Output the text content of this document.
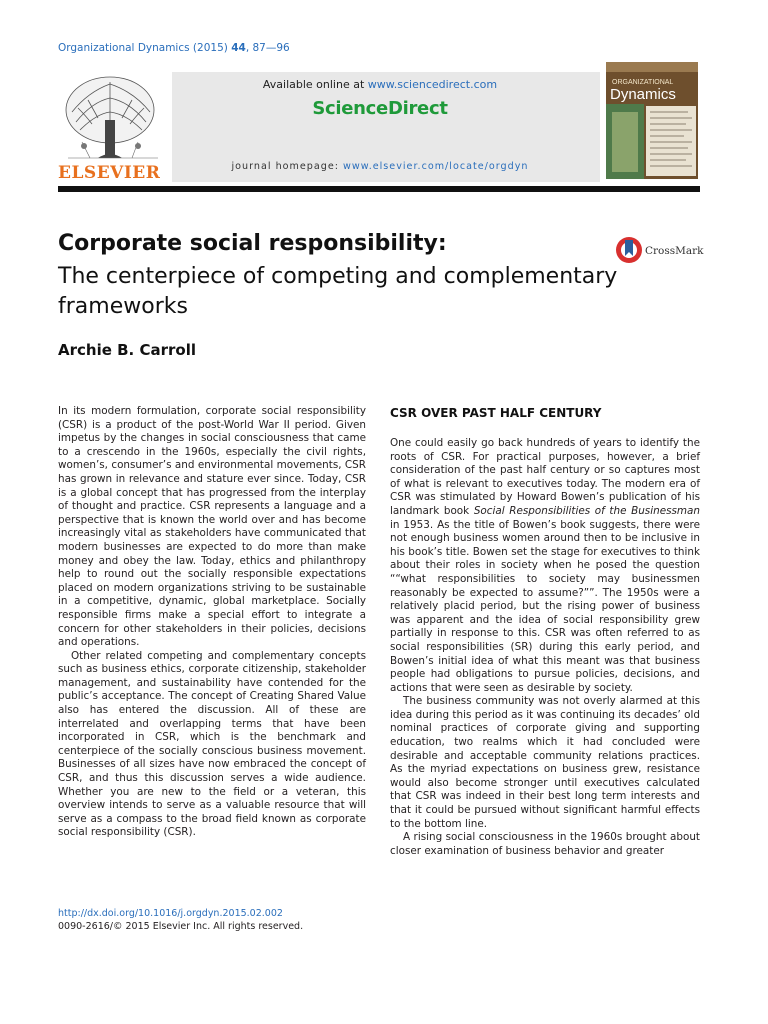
Organizational Dynamics (2015) 44, 87—96
ELSEVIER
Available online at www.sciencedirect.com
ScienceDirect
journal homepage: www.elsevier.com/locate/orgdyn
ORGANIZATIONAL
Dynamics
Corporate social responsibility:
The centerpiece of competing and complementary frameworks
CrossMark
Archie B. Carroll

In its modern formulation, corporate social responsibility (CSR) is a product of the post-World War II period. Given impetus by the changes in social consciousness that came to a crescendo in the 1960s, especially the civil rights, women’s, consumer’s and environmental movements, CSR has grown in relevance and stature ever since. Today, CSR is a global concept that has progressed from the interplay of thought and practice. CSR represents a language and a perspective that is known the world over and has become increasingly vital as stakeholders have communicated that modern businesses are expected to do more than make money and obey the law. Today, ethics and philanthropy help to round out the socially responsible expectations placed on modern organizations striving to be sustainable in a competitive, dynamic, global marketplace. Socially responsible firms make a special effort to integrate a concern for other stakeholders in their policies, decisions and operations.

Other related competing and complementary concepts such as business ethics, corporate citizenship, stakeholder management, and sustainability have contended for the public’s acceptance. The concept of Creating Shared Value also has entered the discussion. All of these are interrelated and overlapping terms that have been incorporated in CSR, which is the benchmark and centerpiece of the socially conscious business movement. Businesses of all sizes have now embraced the concept of CSR, and thus this discussion serves a wide audience. Whether you are new to the field or a veteran, this overview intends to serve as a valuable resource that will serve as a compass to the broad field known as corporate social responsibility (CSR).

CSR OVER PAST HALF CENTURY

One could easily go back hundreds of years to identify the roots of CSR. For practical purposes, however, a brief consideration of the past half century or so captures most of what is relevant to executives today. The modern era of CSR was stimulated by Howard Bowen’s publication of his landmark book Social Responsibilities of the Businessman in 1953. As the title of Bowen’s book suggests, there were not enough business women around then to be inclusive in his book’s title. Bowen set the stage for executives to think about their roles in society when he posed the question ““what responsibilities to society may businessmen reasonably be expected to assume?””. The 1950s were a relatively placid period, but the rising power of business was apparent and the idea of social responsibility grew partially in response to this. CSR was often referred to as social responsibilities (SR) during this early period, and Bowen’s initial idea of what this meant was that business people had obligations to pursue policies, decisions, and actions that were seen as desirable by society.

The business community was not overly alarmed at this idea during this period as it was continuing its decades’ old nominal practices of corporate giving and supporting education, two realms which it had concluded were desirable and acceptable community relations practices. As the myriad expectations on business grew, resistance would also become stronger until executives calculated that CSR was indeed in their best long term interests and that it could be pursued without significant harmful effects to the bottom line.

A rising social consciousness in the 1960s brought about closer examination of business behavior and greater

http://dx.doi.org/10.1016/j.orgdyn.2015.02.002
0090-2616/© 2015 Elsevier Inc. All rights reserved.
